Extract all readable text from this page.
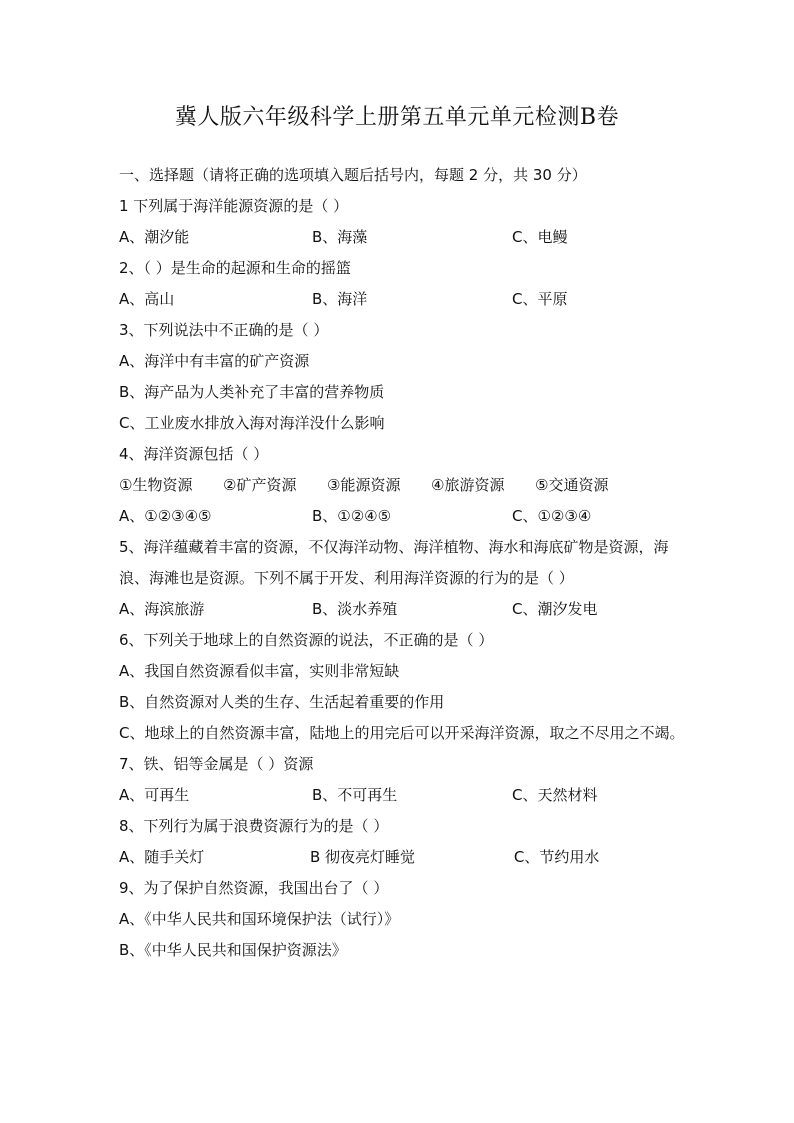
冀人版六年级科学上册第五单元单元检测B卷
一、选择题（请将正确的选项填入题后括号内，每题 2 分，共 30 分）
1 下列属于海洋能源资源的是（ ）
A、潮汐能	B、海藻	C、电鳗
2、（ ）是生命的起源和生命的摇篮
A、高山	B、海洋	C、平原
3、下列说法中不正确的是（ ）
A、海洋中有丰富的矿产资源
B、海产品为人类补充了丰富的营养物质
C、工业废水排放入海对海洋没什么影响
4、海洋资源包括（ ）
①生物资源	②矿产资源	③能源资源	④旅游资源	⑤交通资源
A、①②③④⑤	B、①②④⑤	C、①②③④
5、海洋蕴藏着丰富的资源，不仅海洋动物、海洋植物、海水和海底矿物是资源，海浪、海滩也是资源。下列不属于开发、利用海洋资源的行为的是（ ）
A、海滨旅游	B、淡水养殖	C、潮汐发电
6、下列关于地球上的自然资源的说法，不正确的是（ ）
A、我国自然资源看似丰富，实则非常短缺
B、自然资源对人类的生存、生活起着重要的作用
C、地球上的自然资源丰富，陆地上的用完后可以开采海洋资源，取之不尽用之不竭。
7、铁、铝等金属是（ ）资源
A、可再生	B、不可再生	C、天然材料
8、下列行为属于浪费资源行为的是（ ）
A、随手关灯	B 彻夜亮灯睡觉	C、节约用水
9、为了保护自然资源，我国出台了（ ）
A、《中华人民共和国环境保护法（试行）》
B、《中华人民共和国保护资源法》
